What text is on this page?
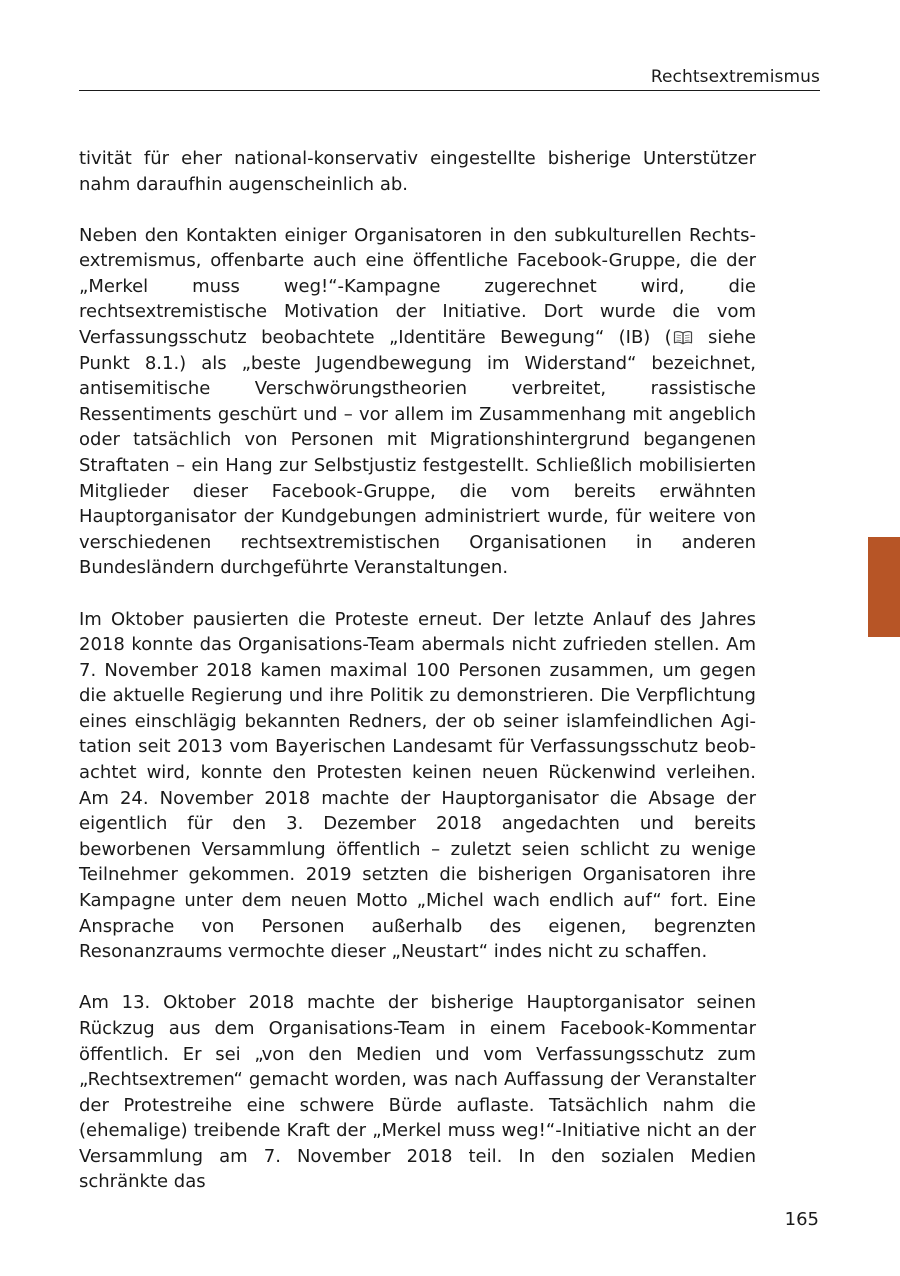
Rechtsextremismus

tivität für eher national-konservativ eingestellte bisherige Unterstützer nahm daraufhin augenscheinlich ab.

Neben den Kontakten einiger Organisatoren in den subkulturellen Rechtsextremismus, offenbarte auch eine öffentliche Facebook-Gruppe, die der „Merkel muss weg!“-Kampagne zugerechnet wird, die rechtsextremistische Motivation der Initiative. Dort wurde die vom Verfassungsschutz beobachtete „Identitäre Bewegung“ (IB) ( siehe Punkt 8.1.) als „beste Jugendbewegung im Widerstand“ bezeichnet, antisemitische Verschwörungstheorien verbreitet, rassistische Ressentiments geschürt und – vor allem im Zusammenhang mit angeblich oder tatsächlich von Personen mit Migrationshintergrund begangenen Straftaten – ein Hang zur Selbstjustiz festgestellt. Schließlich mobilisierten Mitglieder dieser Facebook-Gruppe, die vom bereits erwähnten Hauptorganisator der Kundgebungen administriert wurde, für weitere von verschiedenen rechtsextremistischen Organisationen in anderen Bundesländern durchgeführte Veranstaltungen.

Im Oktober pausierten die Proteste erneut. Der letzte Anlauf des Jahres 2018 konnte das Organisations-Team abermals nicht zufrieden stellen. Am 7. November 2018 kamen maximal 100 Personen zusammen, um gegen die aktuelle Regierung und ihre Politik zu demonstrieren. Die Verpflichtung eines einschlägig bekannten Redners, der ob seiner islamfeindlichen Agitation seit 2013 vom Bayerischen Landesamt für Verfassungsschutz beobachtet wird, konnte den Protesten keinen neuen Rückenwind verleihen. Am 24. November 2018 machte der Hauptorganisator die Absage der eigentlich für den 3. Dezember 2018 angedachten und bereits beworbenen Versammlung öffentlich – zuletzt seien schlicht zu wenige Teilnehmer gekommen. 2019 setzten die bisherigen Organisatoren ihre Kampagne unter dem neuen Motto „Michel wach endlich auf“ fort. Eine Ansprache von Personen außerhalb des eigenen, begrenzten Resonanzraums vermochte dieser „Neustart“ indes nicht zu schaffen.

Am 13. Oktober 2018 machte der bisherige Hauptorganisator seinen Rückzug aus dem Organisations-Team in einem Facebook-Kommentar öffentlich. Er sei „von den Medien und vom Verfassungsschutz zum „Rechtsextremen“ gemacht worden, was nach Auffassung der Veranstalter der Protestreihe eine schwere Bürde auflaste. Tatsächlich nahm die (ehemalige) treibende Kraft der „Merkel muss weg!“-Initiative nicht an der Versammlung am 7. November 2018 teil. In den sozialen Medien schränkte das

165
